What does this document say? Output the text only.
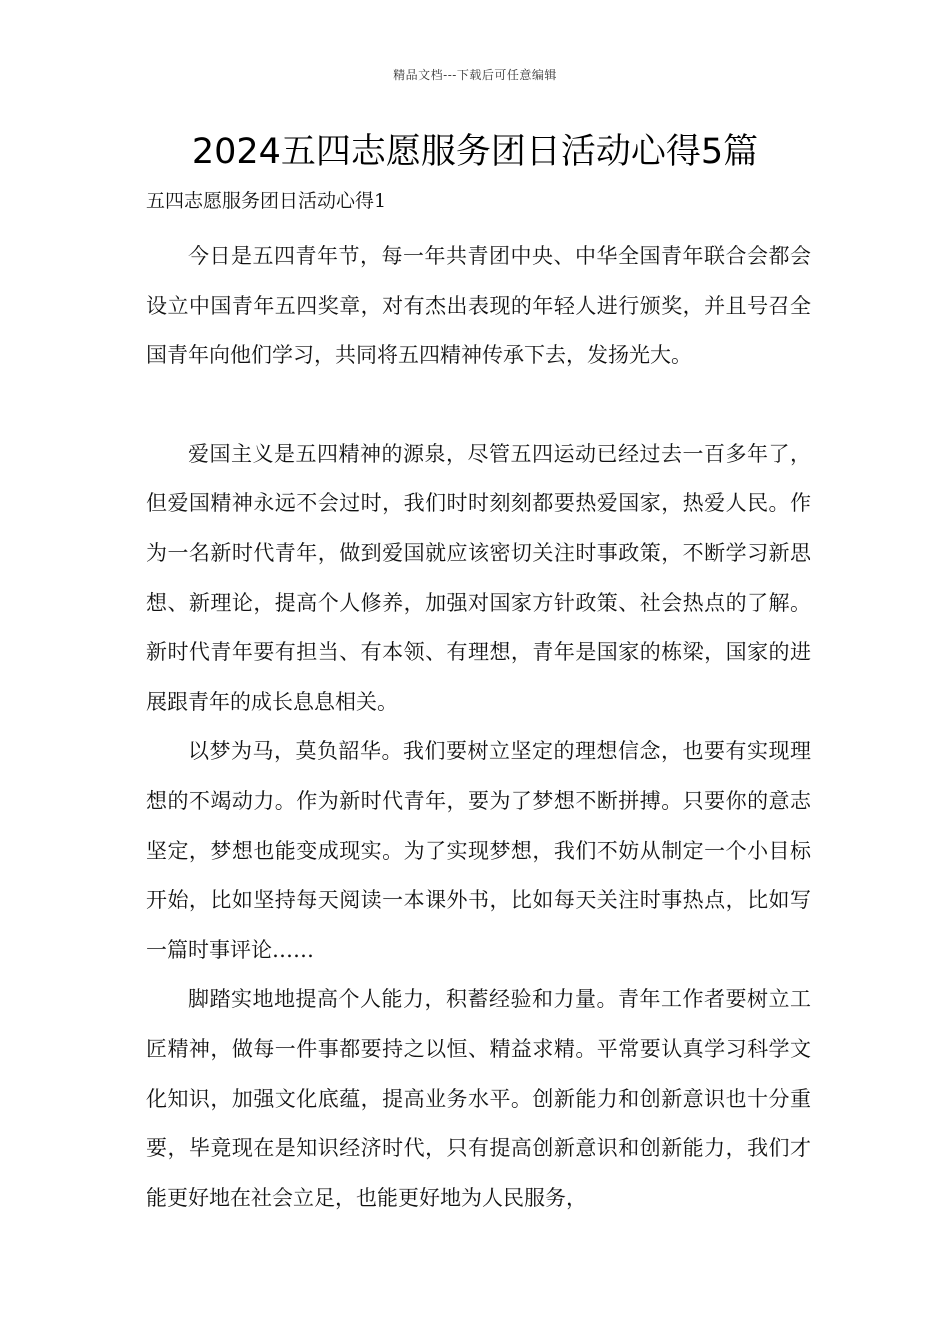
精品文档---下载后可任意编辑
2024五四志愿服务团日活动心得5篇
五四志愿服务团日活动心得1

今日是五四青年节，每一年共青团中央、中华全国青年联合会都会设立中国青年五四奖章，对有杰出表现的年轻人进行颁奖，并且号召全国青年向他们学习，共同将五四精神传承下去，发扬光大。

爱国主义是五四精神的源泉，尽管五四运动已经过去一百多年了，但爱国精神永远不会过时，我们时时刻刻都要热爱国家，热爱人民。作为一名新时代青年，做到爱国就应该密切关注时事政策，不断学习新思想、新理论，提高个人修养，加强对国家方针政策、社会热点的了解。新时代青年要有担当、有本领、有理想，青年是国家的栋梁，国家的进展跟青年的成长息息相关。

以梦为马，莫负韶华。我们要树立坚定的理想信念，也要有实现理想的不竭动力。作为新时代青年，要为了梦想不断拼搏。只要你的意志坚定，梦想也能变成现实。为了实现梦想，我们不妨从制定一个小目标开始，比如坚持每天阅读一本课外书，比如每天关注时事热点，比如写一篇时事评论……

脚踏实地地提高个人能力，积蓄经验和力量。青年工作者要树立工匠精神，做每一件事都要持之以恒、精益求精。平常要认真学习科学文化知识，加强文化底蕴，提高业务水平。创新能力和创新意识也十分重要，毕竟现在是知识经济时代，只有提高创新意识和创新能力，我们才能更好地在社会立足，也能更好地为人民服务，
